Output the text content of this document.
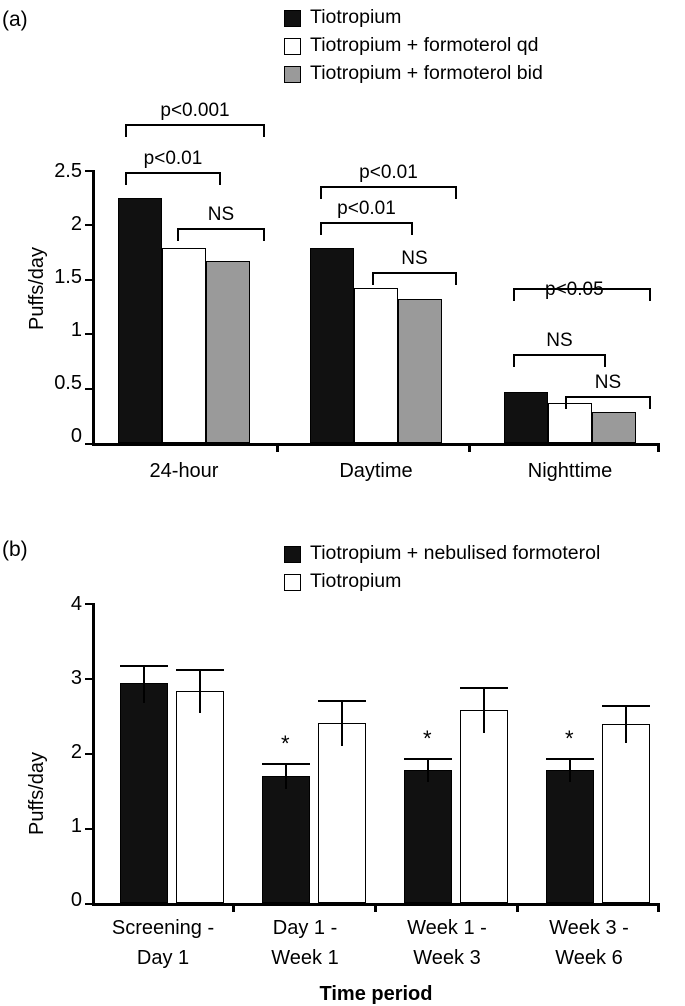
(a)	Tiotropium
Tiotropium + formoterol qd
Tiotropium + formoterol bid
Puffs/day
2.5
2
1.5
1
0.5
0
p<0.001
p<0.01
NS
p<0.01
p<0.01
NS
p<0.05
NS
NS
24-hour	Daytime	Nighttime
(b)	Tiotropium + nebulised formoterol
Tiotropium
Puffs/day
4
3
2
1
0
*	*	*
Screening -
Day 1
Day 1 -
Week 1
Week 1 -
Week 3
Week 3 -
Week 6
Time period
